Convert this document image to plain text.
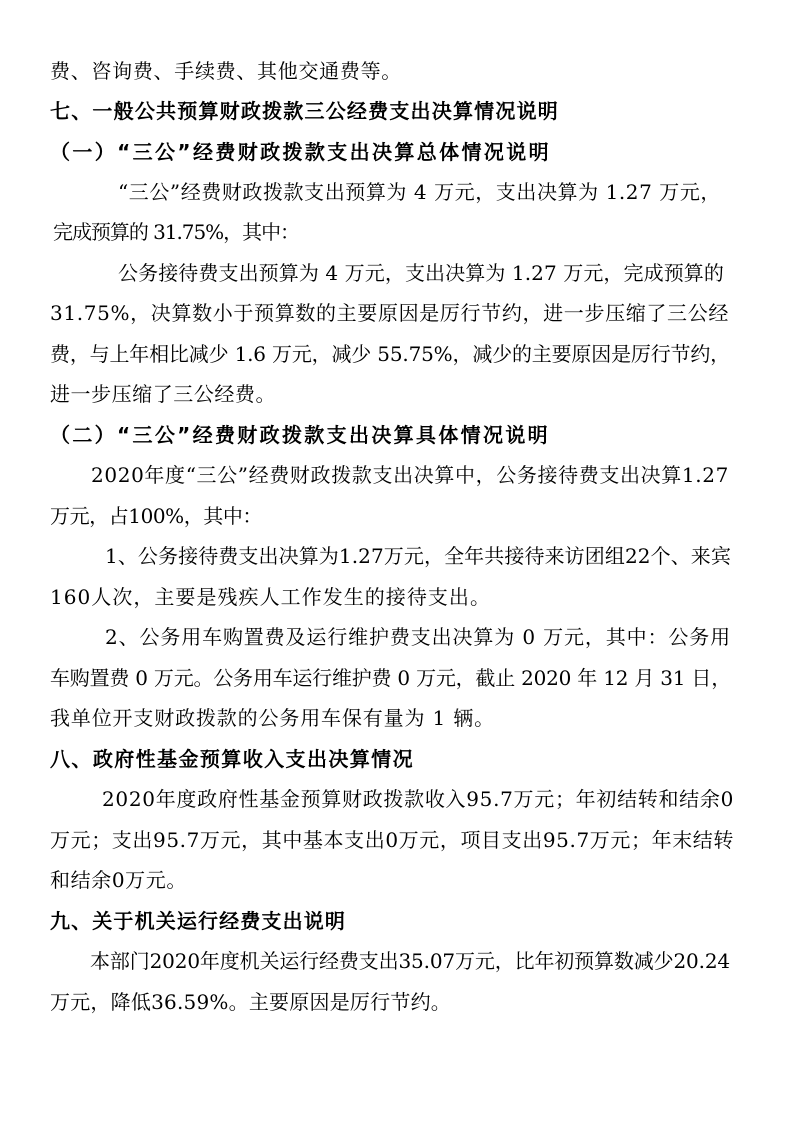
费、咨询费、手续费、其他交通费等。
七、一般公共预算财政拨款三公经费支出决算情况说明
（一）“三公”经费财政拨款支出决算总体情况说明
“三公”经费财政拨款支出预算为 4 万元，支出决算为 1.27 万元，
完成预算的 31.75%，其中：
公务接待费支出预算为 4 万元，支出决算为 1.27 万元，完成预算的
31.75%，决算数小于预算数的主要原因是厉行节约，进一步压缩了三公经
费，与上年相比减少 1.6 万元，减少 55.75%，减少的主要原因是厉行节约，
进一步压缩了三公经费。
（二）“三公”经费财政拨款支出决算具体情况说明
2020年度“三公”经费财政拨款支出决算中，公务接待费支出决算1.27
万元，占100%，其中：
1、公务接待费支出决算为1.27万元，全年共接待来访团组22个、来宾
160人次，主要是残疾人工作发生的接待支出。
2、公务用车购置费及运行维护费支出决算为 0 万元，其中：公务用
车购置费 0 万元。公务用车运行维护费 0 万元，截止 2020 年 12 月 31 日，
我单位开支财政拨款的公务用车保有量为 1 辆。
八、政府性基金预算收入支出决算情况
2020年度政府性基金预算财政拨款收入95.7万元；年初结转和结余0
万元；支出95.7万元，其中基本支出0万元，项目支出95.7万元；年末结转
和结余0万元。
九、关于机关运行经费支出说明
本部门2020年度机关运行经费支出35.07万元，比年初预算数减少20.24
万元，降低36.59%。主要原因是厉行节约。
